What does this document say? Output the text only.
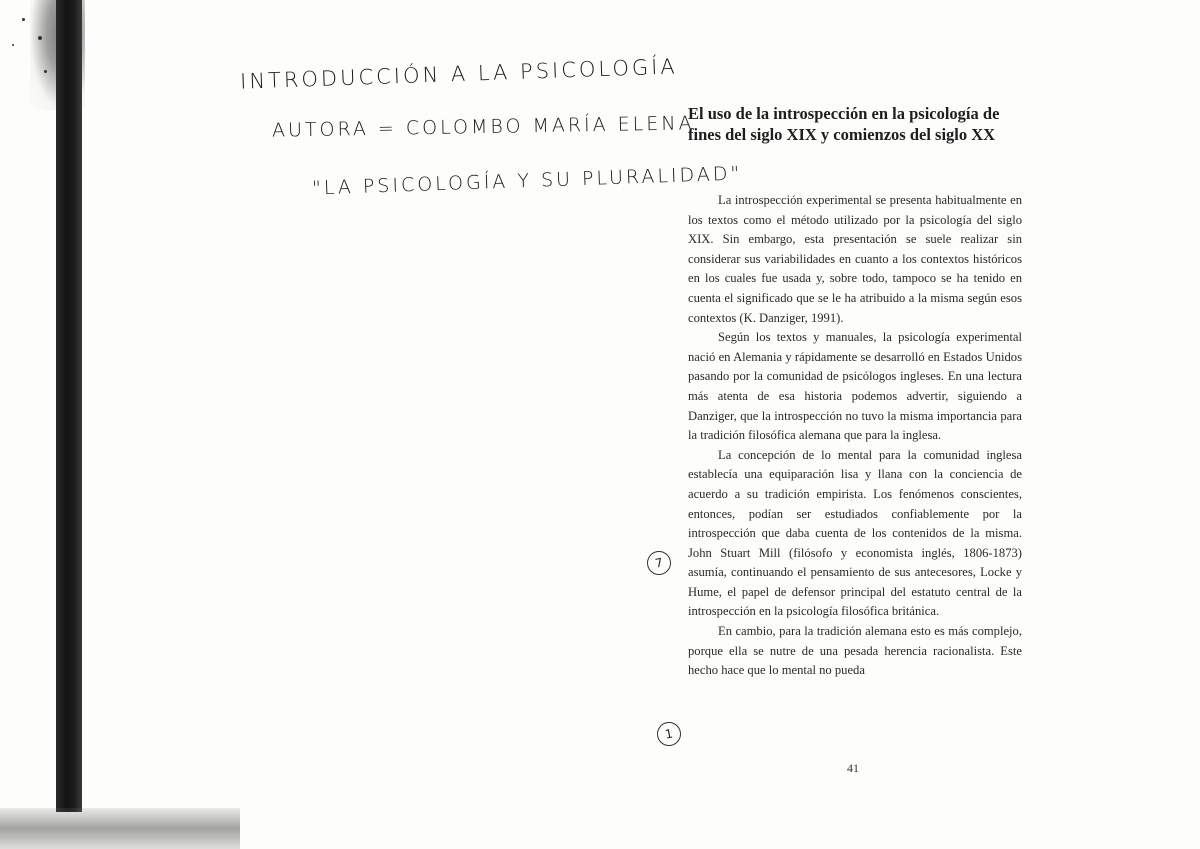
INTRODUCCIÓN A LA PSICOLOGÍA
AUTORA = COLOMBO MARÍA ELENA
"LA PSICOLOGÍA Y SU PLURALIDAD"
El uso de la introspección en la psicología de fines del siglo XIX y comienzos del siglo XX

La introspección experimental se presenta habitualmente en los textos como el método utilizado por la psicología del siglo XIX. Sin embargo, esta presentación se suele realizar sin considerar sus variabilidades en cuanto a los contextos históricos en los cuales fue usada y, sobre todo, tampoco se ha tenido en cuenta el significado que se le ha atribuido a la misma según esos contextos (K. Danziger, 1991).

Según los textos y manuales, la psicología experimental nació en Alemania y rápidamente se desarrolló en Estados Unidos pasando por la comunidad de psicólogos ingleses. En una lectura más atenta de esa historia podemos advertir, siguiendo a Danziger, que la introspección no tuvo la misma importancia para la tradición filosófica alemana que para la inglesa.

La concepción de lo mental para la comunidad inglesa establecía una equiparación lisa y llana con la conciencia de acuerdo a su tradición empirista. Los fenómenos conscientes, entonces, podían ser estudiados confiablemente por la introspección que daba cuenta de los contenidos de la misma. John Stuart Mill (filósofo y economista inglés, 1806-1873) asumía, continuando el pensamiento de sus antecesores, Locke y Hume, el papel de defensor principal del estatuto central de la introspección en la psicología filosófica británica.

En cambio, para la tradición alemana esto es más complejo, porque ella se nutre de una pesada herencia racionalista. Este hecho hace que lo mental no pueda

7
1
41
